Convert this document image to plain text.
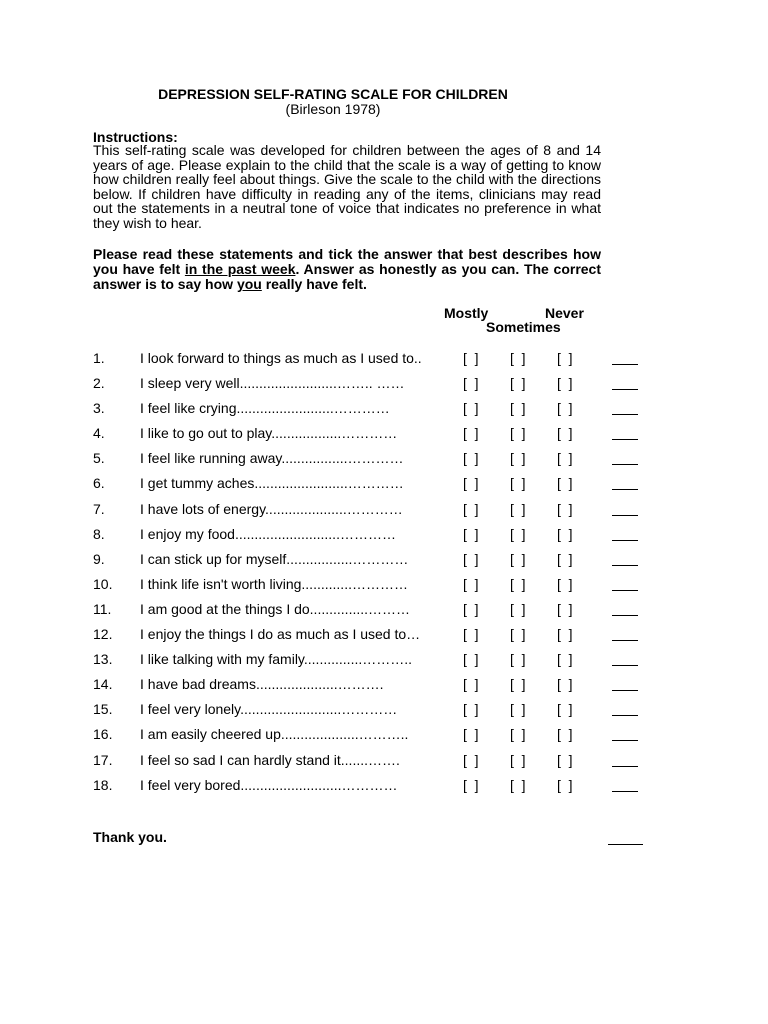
DEPRESSION SELF-RATING SCALE FOR CHILDREN
(Birleson 1978)
Instructions:
This self-rating scale was developed for children between the ages of 8 and 14 years of age. Please explain to the child that the scale is a way of getting to know how children really feel about things. Give the scale to the child with the directions below. If children have difficulty in reading any of the items, clinicians may read out the statements in a neutral tone of voice that indicates no preference in what they wish to hear.
Please read these statements and tick the answer that best describes how you have felt in the past week. Answer as honestly as you can. The correct answer is to say how you really have felt.
Mostly	Never
Sometimes
1.	I look forward to things as much as I used to..	[  ] [  ] [  ]
2.	I sleep very well.........................…….. ……	[  ] [  ] [  ]
3.	I feel like crying.........................…………	[  ] [  ] [  ]
4.	I like to go out to play..................…………	[  ] [  ] [  ]
5.	I feel like running away.................…………	[  ] [  ] [  ]
6.	I get tummy aches........................…………	[  ] [  ] [  ]
7.	I have lots of energy.....................…………	[  ] [  ] [  ]
8.	I enjoy my food...........................…………	[  ] [  ] [  ]
9.	I can stick up for myself.................…………	[  ] [  ] [  ]
10. I think life isn't worth living.............…………	[  ] [  ] [  ]
11. I am good at the things I do...............………	[  ] [  ] [  ]
12. I enjoy the things I do as much as I used to…	[  ] [  ] [  ]
13. I like talking with my family...............………..	[  ] [  ] [  ]
14. I have bad dreams.....................……….	[  ] [  ] [  ]
15. I feel very lonely..........................…………	[  ] [  ] [  ]
16. I am easily cheered up....................………..	[  ] [  ] [  ]
17. I feel so sad I can hardly stand it.......…….	[  ] [  ] [  ]
18. I feel very bored..........................…………	[  ] [  ] [  ]
Thank you.
